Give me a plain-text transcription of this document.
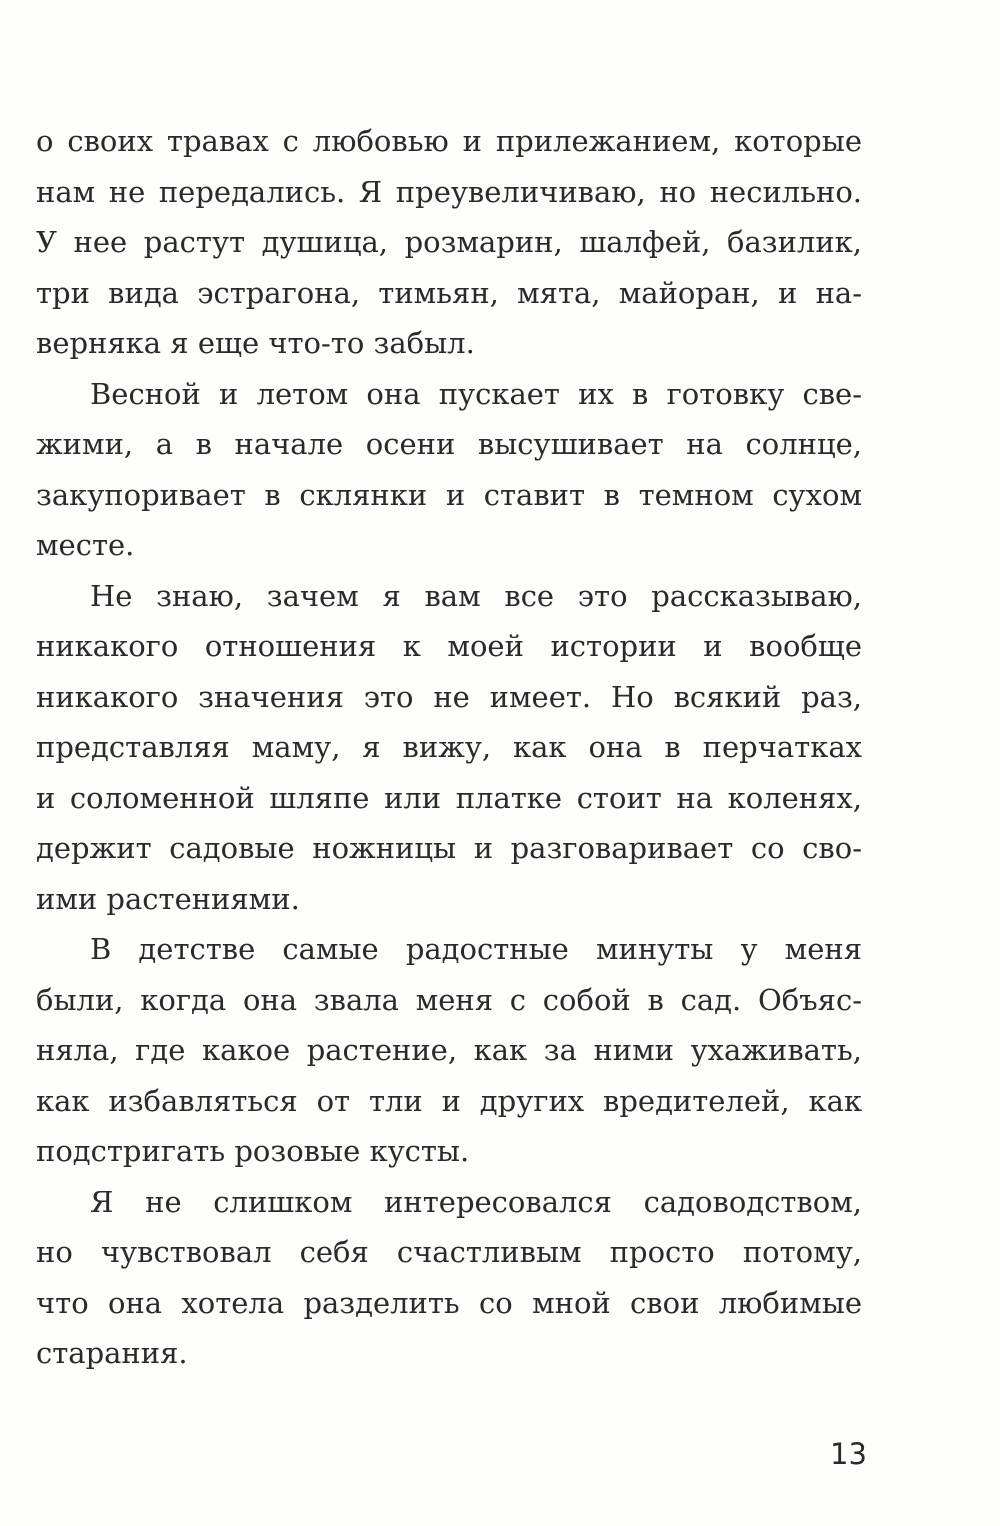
о своих травах с любовью и прилежанием, которые
нам не передались. Я преувеличиваю, но несильно.
У нее растут душица, розмарин, шалфей, базилик,
три вида эстрагона, тимьян, мята, майоран, и на-
верняка я еще что-то забыл.
Весной и летом она пускает их в готовку све-
жими, а в начале осени высушивает на солнце,
закупоривает в склянки и ставит в темном сухом
месте.
Не знаю, зачем я вам все это рассказываю,
никакого отношения к моей истории и вообще
никакого значения это не имеет. Но всякий раз,
представляя маму, я вижу, как она в перчатках
и соломенной шляпе или платке стоит на коленях,
держит садовые ножницы и разговаривает со сво-
ими растениями.
В детстве самые радостные минуты у меня
были, когда она звала меня с собой в сад. Объяс-
няла, где какое растение, как за ними ухаживать,
как избавляться от тли и других вредителей, как
подстригать розовые кусты.
Я не слишком интересовался садоводством,
но чувствовал себя счастливым просто потому,
что она хотела разделить со мной свои любимые
старания.
13
